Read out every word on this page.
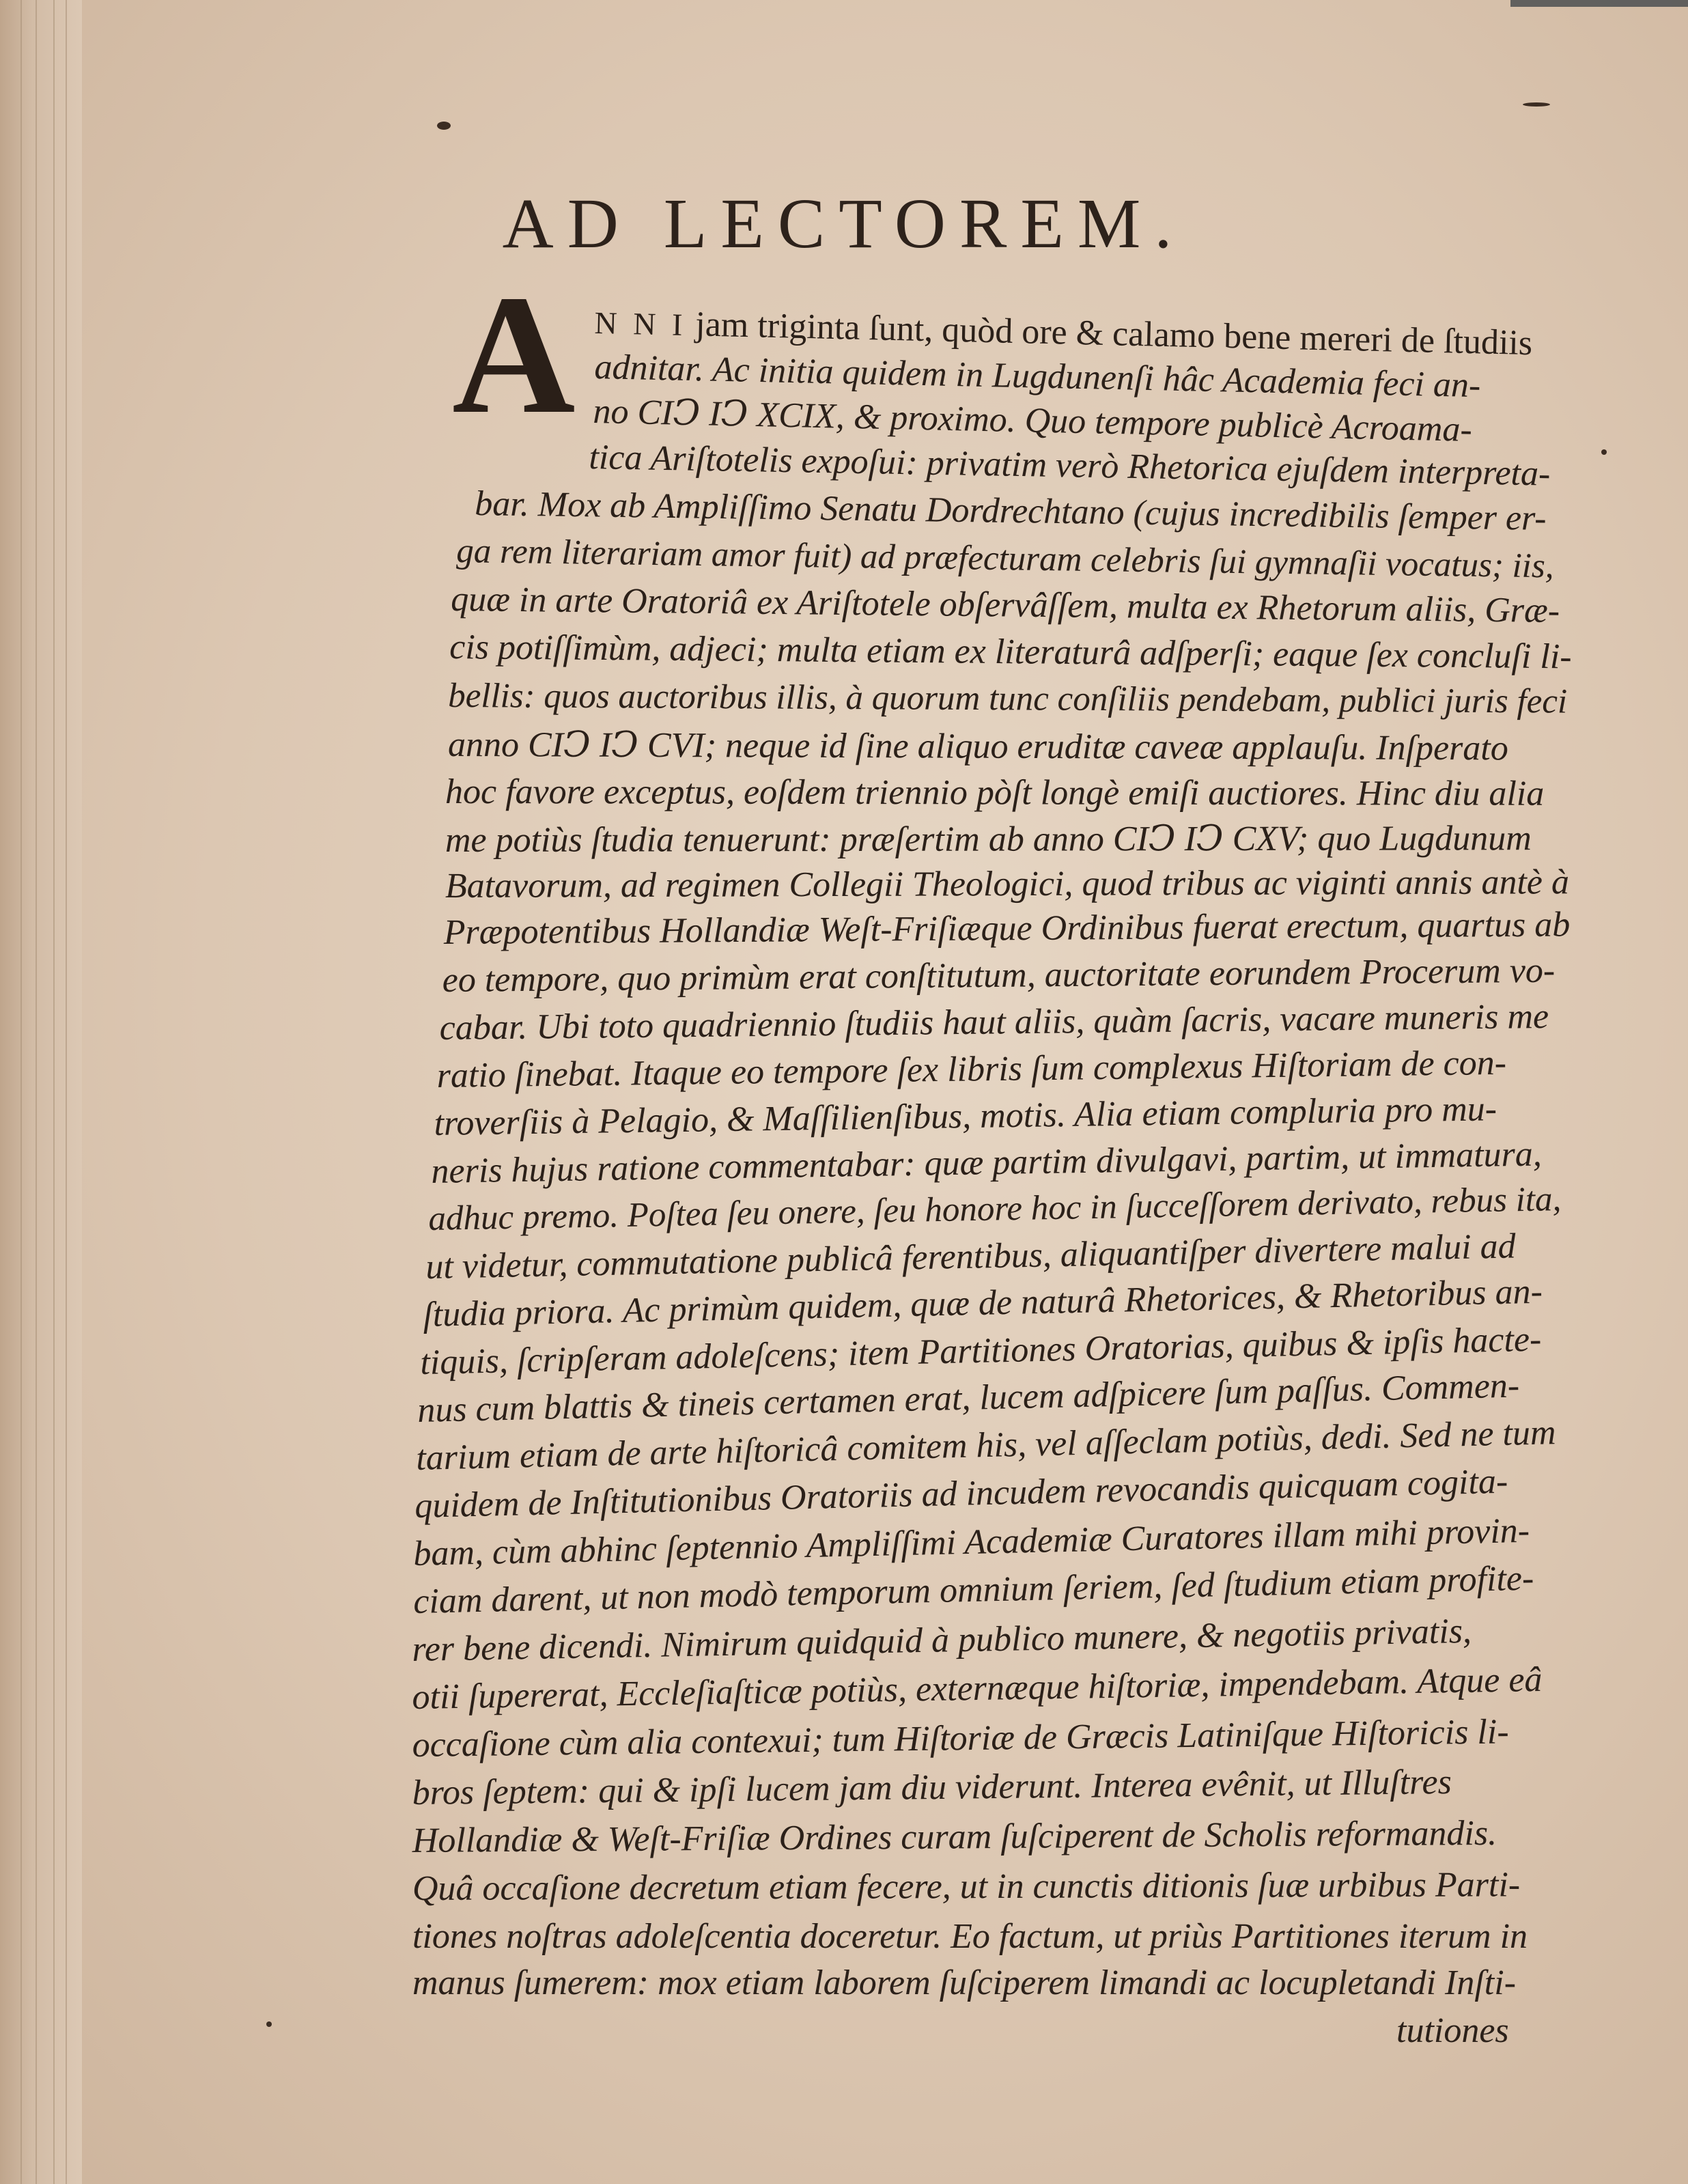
AD LECTOREM.
A N N I jam triginta ſunt, quòd ore & calamo bene mereri de ſtudiis
adnitar. Ac initia quidem in Lugdunenſi hâc Academia feci an-
no CIↃ IↃ XCIX, & proximo. Quo tempore publicè Acroama-
tica Ariſtotelis expoſui: privatim verò Rhetorica ejuſdem interpreta-
bar. Mox ab Ampliſſimo Senatu Dordrechtano (cujus incredibilis ſemper er-
ga rem literariam amor fuit) ad præfecturam celebris ſui gymnaſii vocatus; iis,
quæ in arte Oratoriâ ex Ariſtotele obſervâſſem, multa ex Rhetorum aliis, Græ-
cis potiſſimùm, adjeci; multa etiam ex literaturâ adſperſi; eaque ſex concluſi li-
bellis: quos auctoribus illis, à quorum tunc conſiliis pendebam, publici juris feci
anno CIↃ IↃ CVI; neque id ſine aliquo eruditæ caveæ applauſu. Inſperato
hoc favore exceptus, eoſdem triennio pòſt longè emiſi auctiores. Hinc diu alia
me potiùs ſtudia tenuerunt: præſertim ab anno CIↃ IↃ CXV; quo Lugdunum
Batavorum, ad regimen Collegii Theologici, quod tribus ac viginti annis antè à
Præpotentibus Hollandiæ Weſt-Friſiæque Ordinibus fuerat erectum, quartus ab
eo tempore, quo primùm erat conſtitutum, auctoritate eorundem Procerum vo-
cabar. Ubi toto quadriennio ſtudiis haut aliis, quàm ſacris, vacare muneris me
ratio ſinebat. Itaque eo tempore ſex libris ſum complexus Hiſtoriam de con-
troverſiis à Pelagio, & Maſſilienſibus, motis. Alia etiam compluria pro mu-
neris hujus ratione commentabar: quæ partim divulgavi, partim, ut immatura,
adhuc premo. Poſtea ſeu onere, ſeu honore hoc in ſucceſſorem derivato, rebus ita,
ut videtur, commutatione publicâ ferentibus, aliquantiſper divertere malui ad
ſtudia priora. Ac primùm quidem, quæ de naturâ Rhetorices, & Rhetoribus an-
tiquis, ſcripſeram adoleſcens; item Partitiones Oratorias, quibus & ipſis hacte-
nus cum blattis & tineis certamen erat, lucem adſpicere ſum paſſus. Commen-
tarium etiam de arte hiſtoricâ comitem his, vel aſſeclam potiùs, dedi. Sed ne tum
quidem de Inſtitutionibus Oratoriis ad incudem revocandis quicquam cogita-
bam, cùm abhinc ſeptennio Ampliſſimi Academiæ Curatores illam mihi provin-
ciam darent, ut non modò temporum omnium ſeriem, ſed ſtudium etiam profite-
rer bene dicendi. Nimirum quidquid à publico munere, & negotiis privatis,
otii ſupererat, Eccleſiaſticæ potiùs, externæque hiſtoriæ, impendebam. Atque eâ
occaſione cùm alia contexui; tum Hiſtoriæ de Græcis Latiniſque Hiſtoricis li-
bros ſeptem: qui & ipſi lucem jam diu viderunt. Interea evênit, ut Illuſtres
Hollandiæ & Weſt-Friſiæ Ordines curam ſuſciperent de Scholis reformandis.
Quâ occaſione decretum etiam fecere, ut in cunctis ditionis ſuæ urbibus Parti-
tiones noſtras adoleſcentia doceretur. Eo factum, ut priùs Partitiones iterum in
manus ſumerem: mox etiam laborem ſuſciperem limandi ac locupletandi Inſti-
tutiones
